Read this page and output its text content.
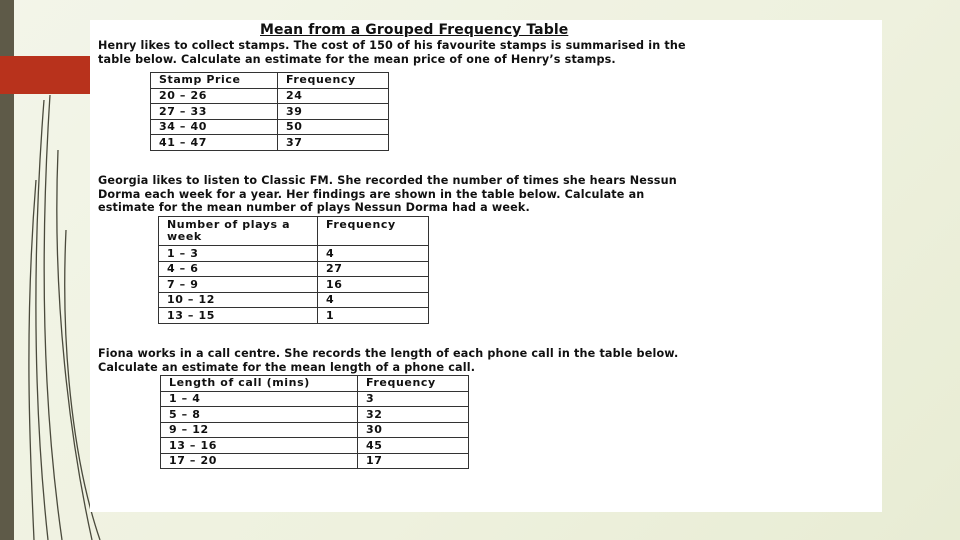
Mean from a Grouped Frequency Table

Henry likes to collect stamps. The cost of 150 of his favourite stamps is summarised in the

table below. Calculate an estimate for the mean price of one of Henry’s stamps.

Stamp Price	Frequency
20 – 26	24
27 – 33	39
34 – 40	50
41 – 47	37

Georgia likes to listen to Classic FM. She recorded the number of times she hears Nessun

Dorma each week for a year. Her findings are shown in the table below. Calculate an

estimate for the mean number of plays Nessun Dorma had a week.

Number of plays a week	Frequency
1 – 3	4
4 – 6	27
7 – 9	16
10 – 12	4
13 – 15	1

Fiona works in a call centre. She records the length of each phone call in the table below.

Calculate an estimate for the mean length of a phone call.

Length of call (mins)	Frequency
1 – 4	3
5 – 8	32
9 – 12	30
13 – 16	45
17 – 20	17
